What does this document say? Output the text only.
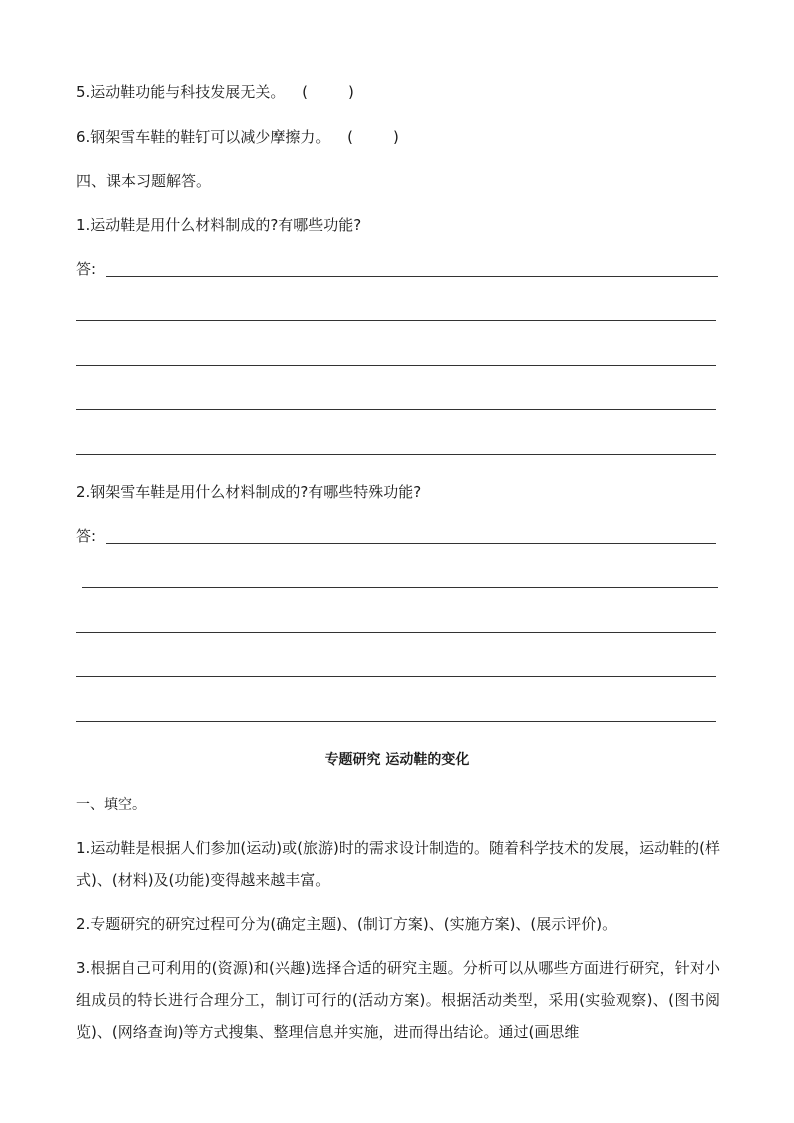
5.运动鞋功能与科技发展无关。 (	)
6.钢架雪车鞋的鞋钉可以减少摩擦力。 (	)
四、课本习题解答。
1.运动鞋是用什么材料制成的?有哪些功能?
答:
2.钢架雪车鞋是用什么材料制成的?有哪些特殊功能?
答:
专题研究 运动鞋的变化
一、填空。
1.运动鞋是根据人们参加(运动)或(旅游)时的需求设计制造的。随着科学技术的发展，运动鞋的(样式)、(材料)及(功能)变得越来越丰富。
2.专题研究的研究过程可分为(确定主题)、(制订方案)、(实施方案)、(展示评价)。
3.根据自己可利用的(资源)和(兴趣)选择合适的研究主题。分析可以从哪些方面进行研究，针对小组成员的特长进行合理分工，制订可行的(活动方案)。根据活动类型，采用(实验观察)、(图书阅览)、(网络查询)等方式搜集、整理信息并实施，进而得出结论。通过(画思维
